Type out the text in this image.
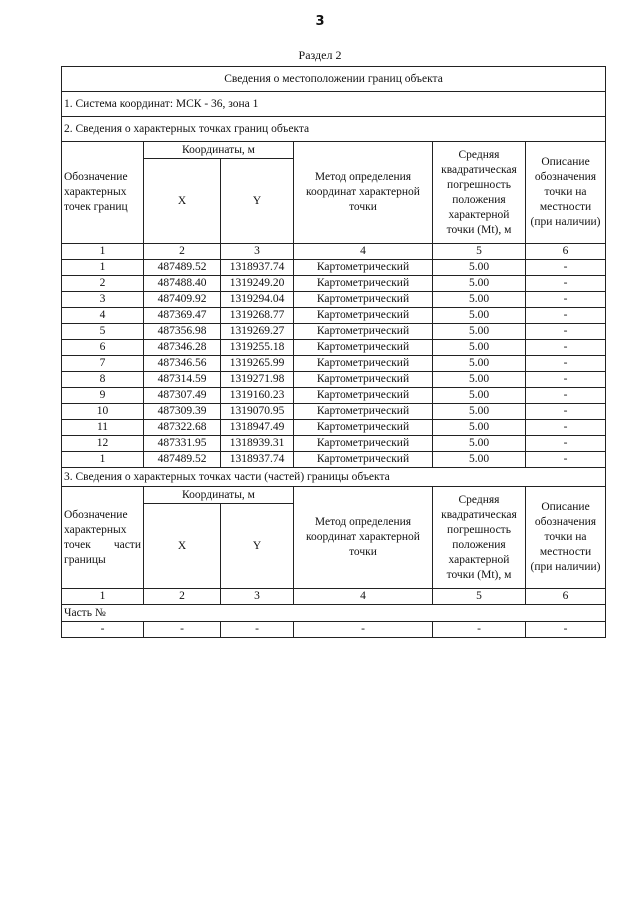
3
Раздел 2
Сведения о местоположении границ объекта					
1. Система координат: МСК - 36, зона 1					
2. Сведения о характерных точках границ объекта					
Обозначение характерных точек границ	Координаты, м		Метод определения координат характерной точки	Средняя квадратическая погрешность положения характерной точки (Mt), м	Описание обозначения точки на местности (при наличии)
	X	Y			
1	2	3	4	5	6
1	487489.52	1318937.74	Картометрический	5.00	-
2	487488.40	1319249.20	Картометрический	5.00	-
3	487409.92	1319294.04	Картометрический	5.00	-
4	487369.47	1319268.77	Картометрический	5.00	-
5	487356.98	1319269.27	Картометрический	5.00	-
6	487346.28	1319255.18	Картометрический	5.00	-
7	487346.56	1319265.99	Картометрический	5.00	-
8	487314.59	1319271.98	Картометрический	5.00	-
9	487307.49	1319160.23	Картометрический	5.00	-
10	487309.39	1319070.95	Картометрический	5.00	-
11	487322.68	1318947.49	Картометрический	5.00	-
12	487331.95	1318939.31	Картометрический	5.00	-
1	487489.52	1318937.74	Картометрический	5.00	-
3. Сведения о характерных точках части (частей) границы объекта					
Обозначение
характерных

точек части
границы	Координаты, м		Метод определения координат характерной точки	Средняя квадратическая погрешность положения характерной точки (Mt), м	Описание обозначения точки на местности (при наличии)
	X	Y			
1	2	3	4	5	6
Часть №					
-	-	-	-	-	-
